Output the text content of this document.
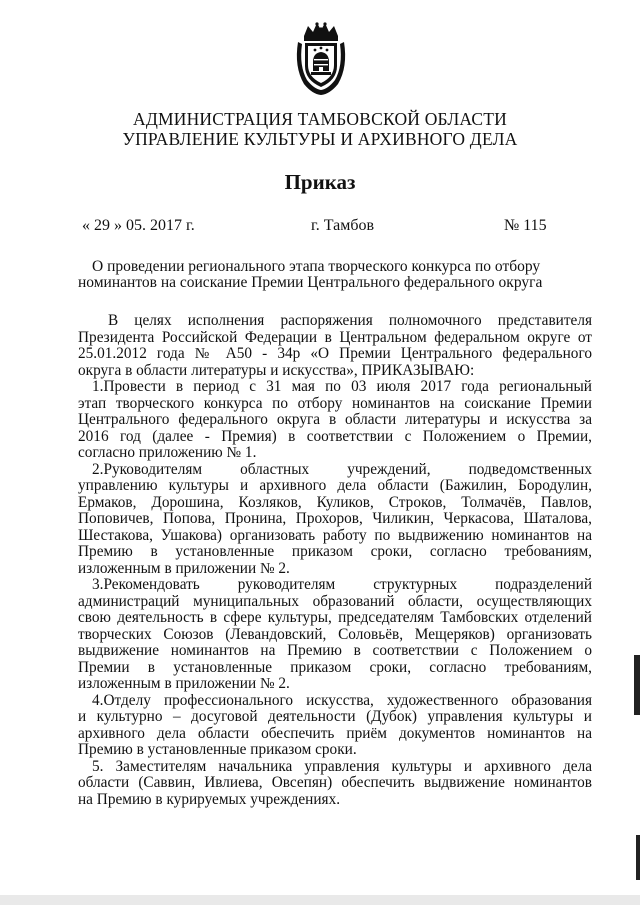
АДМИНИСТРАЦИЯ ТАМБОВСКОЙ ОБЛАСТИ
УПРАВЛЕНИЕ КУЛЬТУРЫ И АРХИВНОГО ДЕЛА
Приказ
« 29 » 05. 2017 г.	г. Тамбов	№ 115
О проведении регионального этапа творческого конкурса по отбору
номинантов на соискание Премии Центрального федерального округа
В целях исполнения распоряжения полномочного представителя
Президента Российской Федерации в Центральном федеральном округе от
25.01.2012 года № А50 - 34р «О Премии Центрального федерального
округа в области литературы и искусства», ПРИКАЗЫВАЮ:
1.Провести в период с 31 мая по 03 июля 2017 года региональный
этап творческого конкурса по отбору номинантов на соискание Премии
Центрального федерального округа в области литературы и искусства за
2016 год (далее - Премия) в соответствии с Положением о Премии,
согласно приложению № 1.
2.Руководителям областных учреждений, подведомственных
управлению культуры и архивного дела области (Бажилин, Бородулин,
Ермаков, Дорошина, Козляков, Куликов, Строков, Толмачёв, Павлов,
Поповичев, Попова, Пронина, Прохоров, Чиликин, Черкасова, Шаталова,
Шестакова, Ушакова) организовать работу по выдвижению номинантов на
Премию в установленные приказом сроки, согласно требованиям,
изложенным в приложении № 2.
3.Рекомендовать руководителям структурных подразделений
администраций муниципальных образований области, осуществляющих
свою деятельность в сфере культуры, председателям Тамбовских отделений
творческих Союзов (Левандовский, Соловьёв, Мещеряков) организовать
выдвижение номинантов на Премию в соответствии с Положением о
Премии в установленные приказом сроки, согласно требованиям,
изложенным в приложении № 2.
4.Отделу профессионального искусства, художественного образования
и культурно – досуговой деятельности (Дубок) управления культуры и
архивного дела области обеспечить приём документов номинантов на
Премию в установленные приказом сроки.
5. Заместителям начальника управления культуры и архивного дела
области (Саввин, Ивлиева, Овсепян) обеспечить выдвижение номинантов
на Премию в курируемых учреждениях.
